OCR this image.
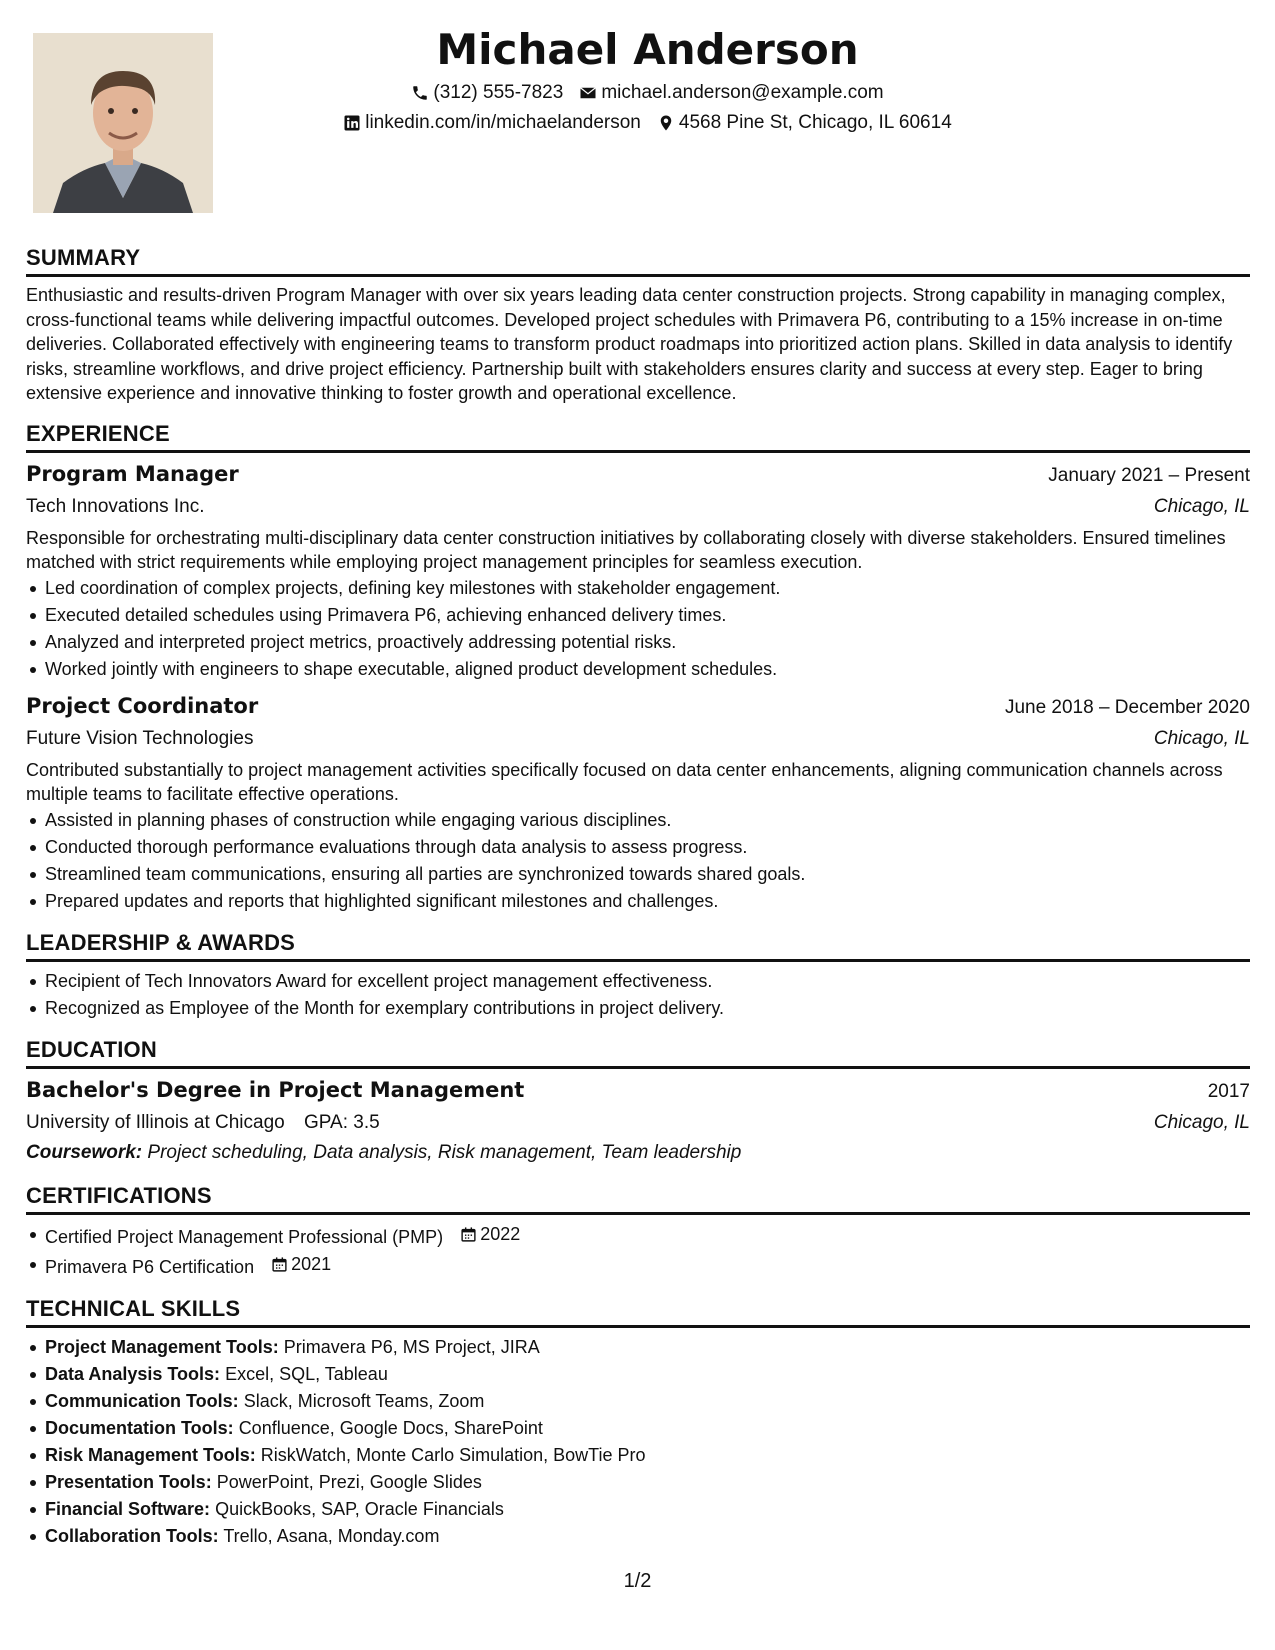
Michael Anderson
(312) 555-7823 michael.anderson@example.com
linkedin.com/in/michaelanderson 4568 Pine St, Chicago, IL 60614
SUMMARY
Enthusiastic and results-driven Program Manager with over six years leading data center construction projects. Strong capability in managing complex, cross-functional teams while delivering impactful outcomes. Developed project schedules with Primavera P6, contributing to a 15% increase in on-time deliveries. Collaborated effectively with engineering teams to transform product roadmaps into prioritized action plans. Skilled in data analysis to identify risks, streamline workflows, and drive project efficiency. Partnership built with stakeholders ensures clarity and success at every step. Eager to bring extensive experience and innovative thinking to foster growth and operational excellence.
EXPERIENCE
Program Manager	January 2021 – Present
Tech Innovations Inc.	Chicago, IL
Responsible for orchestrating multi-disciplinary data center construction initiatives by collaborating closely with diverse stakeholders. Ensured timelines matched with strict requirements while employing project management principles for seamless execution.
Led coordination of complex projects, defining key milestones with stakeholder engagement.
Executed detailed schedules using Primavera P6, achieving enhanced delivery times.
Analyzed and interpreted project metrics, proactively addressing potential risks.
Worked jointly with engineers to shape executable, aligned product development schedules.
Project Coordinator	June 2018 – December 2020
Future Vision Technologies	Chicago, IL
Contributed substantially to project management activities specifically focused on data center enhancements, aligning communication channels across multiple teams to facilitate effective operations.
Assisted in planning phases of construction while engaging various disciplines.
Conducted thorough performance evaluations through data analysis to assess progress.
Streamlined team communications, ensuring all parties are synchronized towards shared goals.
Prepared updates and reports that highlighted significant milestones and challenges.
LEADERSHIP & AWARDS
Recipient of Tech Innovators Award for excellent project management effectiveness.
Recognized as Employee of the Month for exemplary contributions in project delivery.
EDUCATION
Bachelor's Degree in Project Management	2017
University of Illinois at Chicago GPA: 3.5	Chicago, IL
Coursework: Project scheduling, Data analysis, Risk management, Team leadership
CERTIFICATIONS
Certified Project Management Professional (PMP) 2022
Primavera P6 Certification 2021
TECHNICAL SKILLS
Project Management Tools: Primavera P6, MS Project, JIRA
Data Analysis Tools: Excel, SQL, Tableau
Communication Tools: Slack, Microsoft Teams, Zoom
Documentation Tools: Confluence, Google Docs, SharePoint
Risk Management Tools: RiskWatch, Monte Carlo Simulation, BowTie Pro
Presentation Tools: PowerPoint, Prezi, Google Slides
Financial Software: QuickBooks, SAP, Oracle Financials
Collaboration Tools: Trello, Asana, Monday.com
1/2
